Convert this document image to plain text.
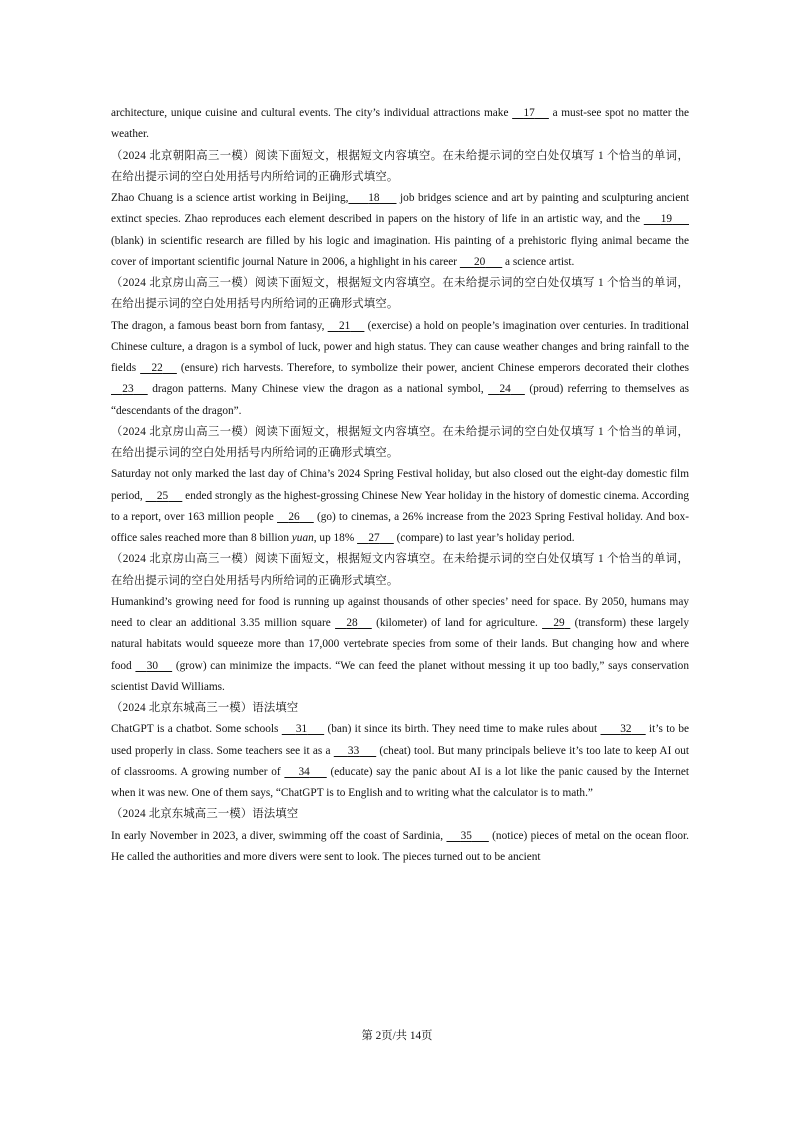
architecture, unique cuisine and cultural events. The city’s individual attractions make     17      a must-see spot no matter the weather.

（2024 北京朝阳高三一模）阅读下面短文，根据短文内容填空。在未给提示词的空白处仅填写 1 个恰当的单词， 在给出提示词的空白处用括号内所给词的正确形式填空。

Zhao Chuang is a science artist working in Beijing, 18       job bridges science and art by painting and sculpturing ancient extinct species. Zhao reproduces each element described in papers on the history of life in an artistic way, and the       19       (blank) in scientific research are filled by his logic and imagination. His painting of a prehistoric flying animal became the cover of important scientific journal Nature in 2006, a highlight in his career      20       a science artist.

（2024 北京房山高三一模）阅读下面短文，根据短文内容填空。在未给提示词的空白处仅填写 1 个恰当的单词，在给出提示词的空白处用括号内所给词的正确形式填空。

The dragon, a famous beast born from fantasy,     21      (exercise) a hold on people’s imagination over centuries. In traditional Chinese culture, a dragon is a symbol of luck, power and high status. They can cause weather changes and bring rainfall to the fields     22      (ensure) rich harvests. Therefore, to symbolize their power, ancient Chinese emperors decorated their clothes     23      dragon patterns. Many Chinese view the dragon as a national symbol,     24      (proud) referring to themselves as “descendants of the dragon”.

（2024 北京房山高三一模）阅读下面短文，根据短文内容填空。在未给提示词的空白处仅填写 1 个恰当的单词，在给出提示词的空白处用括号内所给词的正确形式填空。

Saturday not only marked the last day of China’s 2024 Spring Festival holiday, but also closed out the eight-day domestic film period,     25      ended strongly as the highest-grossing Chinese New Year holiday in the history of domestic cinema. According to a report, over 163 million people     26      (go) to cinemas, a 26% increase from the 2023 Spring Festival holiday. And box-office sales reached more than 8 billion yuan, up 18%     27      (compare) to last year’s holiday period.

（2024 北京房山高三一模）阅读下面短文，根据短文内容填空。在未给提示词的空白处仅填写 1 个恰当的单词，在给出提示词的空白处用括号内所给词的正确形式填空。

Humankind’s growing need for food is running up against thousands of other species’ need for space. By 2050, humans may need to clear an additional 3.35 million square     28      (kilometer) of land for agriculture.     29   (transform) these largely natural habitats would squeeze more than 17,000 vertebrate species from some of their lands. But changing how and where food     30      (grow) can minimize the impacts. “We can feed the planet without messing it up too badly,” says conservation scientist David Williams.

（2024 北京东城高三一模）语法填空

ChatGPT is a chatbot. Some schools      31       (ban) it since its birth. They need time to make rules about        32      it’s to be used properly in class. Some teachers see it as a      33       (cheat) tool. But many principals believe it’s too late to keep AI out of classrooms. A growing number of      34       (educate) say the panic about AI is a lot like the panic caused by the Internet when it was new. One of them says, “ChatGPT is to English and to writing what the calculator is to math.”

（2024 北京东城高三一模）语法填空

In early November in 2023, a diver, swimming off the coast of Sardinia,      35       (notice) pieces of metal on the ocean floor. He called the authorities and more divers were sent to look. The pieces turned out to be ancient

第 2页/共 14页
